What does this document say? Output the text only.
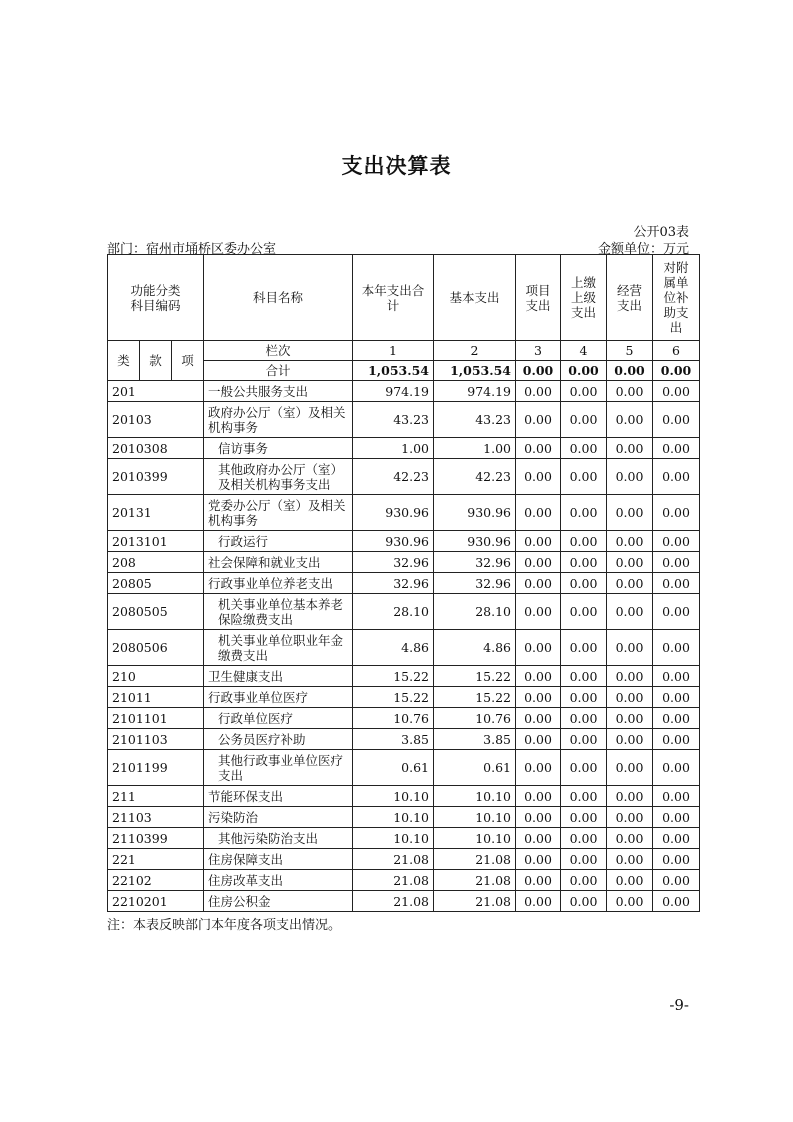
支出决算表
公开03表
部门：宿州市埇桥区委办公室	金额单位：万元
功能分类科目编码			科目名称	本年支出合计	基本支出	项目支出	上缴上级支出	经营支出	对附属单位补助支出
类	款	项	栏次	1	2	3	4	5	6
			合计	1,053.54	1,053.54	0.00	0.00	0.00	0.00
201			一般公共服务支出	974.19	974.19	0.00	0.00	0.00	0.00
20103			政府办公厅（室）及相关机构事务	43.23	43.23	0.00	0.00	0.00	0.00
2010308			信访事务	1.00	1.00	0.00	0.00	0.00	0.00
2010399			其他政府办公厅（室）及相关机构事务支出	42.23	42.23	0.00	0.00	0.00	0.00
20131			党委办公厅（室）及相关机构事务	930.96	930.96	0.00	0.00	0.00	0.00
2013101			行政运行	930.96	930.96	0.00	0.00	0.00	0.00
208			社会保障和就业支出	32.96	32.96	0.00	0.00	0.00	0.00
20805			行政事业单位养老支出	32.96	32.96	0.00	0.00	0.00	0.00
2080505			机关事业单位基本养老保险缴费支出	28.10	28.10	0.00	0.00	0.00	0.00
2080506			机关事业单位职业年金缴费支出	4.86	4.86	0.00	0.00	0.00	0.00
210			卫生健康支出	15.22	15.22	0.00	0.00	0.00	0.00
21011			行政事业单位医疗	15.22	15.22	0.00	0.00	0.00	0.00
2101101			行政单位医疗	10.76	10.76	0.00	0.00	0.00	0.00
2101103			公务员医疗补助	3.85	3.85	0.00	0.00	0.00	0.00
2101199			其他行政事业单位医疗支出	0.61	0.61	0.00	0.00	0.00	0.00
211			节能环保支出	10.10	10.10	0.00	0.00	0.00	0.00
21103			污染防治	10.10	10.10	0.00	0.00	0.00	0.00
2110399			其他污染防治支出	10.10	10.10	0.00	0.00	0.00	0.00
221			住房保障支出	21.08	21.08	0.00	0.00	0.00	0.00
22102			住房改革支出	21.08	21.08	0.00	0.00	0.00	0.00
2210201			住房公积金	21.08	21.08	0.00	0.00	0.00	0.00
注：本表反映部门本年度各项支出情况。
-9-
